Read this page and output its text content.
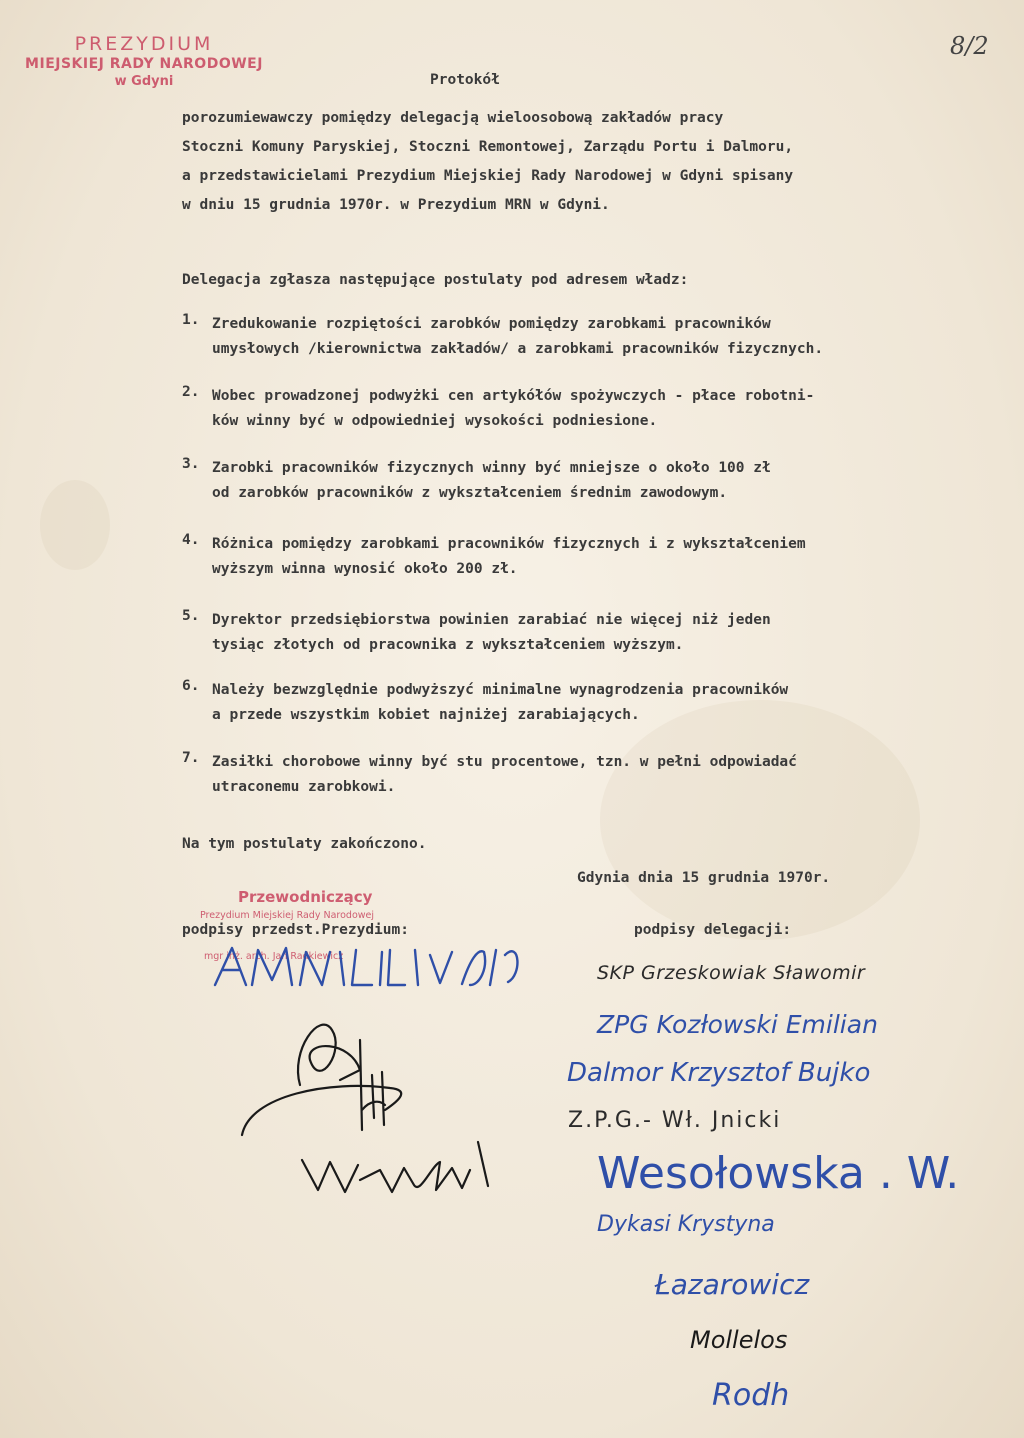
PREZYDIUM
MIEJSKIEJ RADY NARODOWEJ
w Gdyni
8/2
Protokół
porozumiewawczy pomiędzy delegacją wieloosobową zakładów pracy
Stoczni Komuny Paryskiej, Stoczni Remontowej, Zarządu Portu i Dalmoru,
a przedstawicielami Prezydium Miejskiej Rady Narodowej w Gdyni spisany
w dniu 15 grudnia 1970r. w Prezydium MRN w Gdyni.
Delegacja zgłasza następujące postulaty pod adresem władz:
1. Zredukowanie rozpiętości zarobków pomiędzy zarobkami pracowników
umysłowych /kierownictwa zakładów/ a zarobkami pracowników fizycznych.
2. Wobec prowadzonej podwyżki cen artykółów spożywczych - płace robotni-
ków winny być w odpowiedniej wysokości podniesione.
3. Zarobki pracowników fizycznych winny być mniejsze o około 100 zł
od zarobków pracowników z wykształceniem średnim zawodowym.
4. Różnica pomiędzy zarobkami pracowników fizycznych i z wykształceniem
wyższym winna wynosić około 200 zł.
5. Dyrektor przedsiębiorstwa powinien zarabiać nie więcej niż jeden
tysiąc złotych od pracownika z wykształceniem wyższym.
6. Należy bezwzględnie podwyższyć minimalne wynagrodzenia pracowników
a przede wszystkim kobiet najniżej zarabiających.
7. Zasiłki chorobowe winny być stu procentowe, tzn. w pełni odpowiadać
utraconemu zarobkowi.
Na tym postulaty zakończono.
Gdynia dnia 15 grudnia 1970r.
podpisy przedst.Prezydium:	podpisy delegacji:
Przewodniczący
Prezydium Miejskiej Rady Narodowej
mgr inż. arch. Jan Radkiewicz
SKP Grzeskowiak Sławomir
ZPG Kozłowski Emilian
Dalmor Krzysztof Bujko
Z.P.G.- Wł. Jnicki
Wesołowska . W.
Dykasi Krystyna
Łazarowicz
Mollelos
Rodh
